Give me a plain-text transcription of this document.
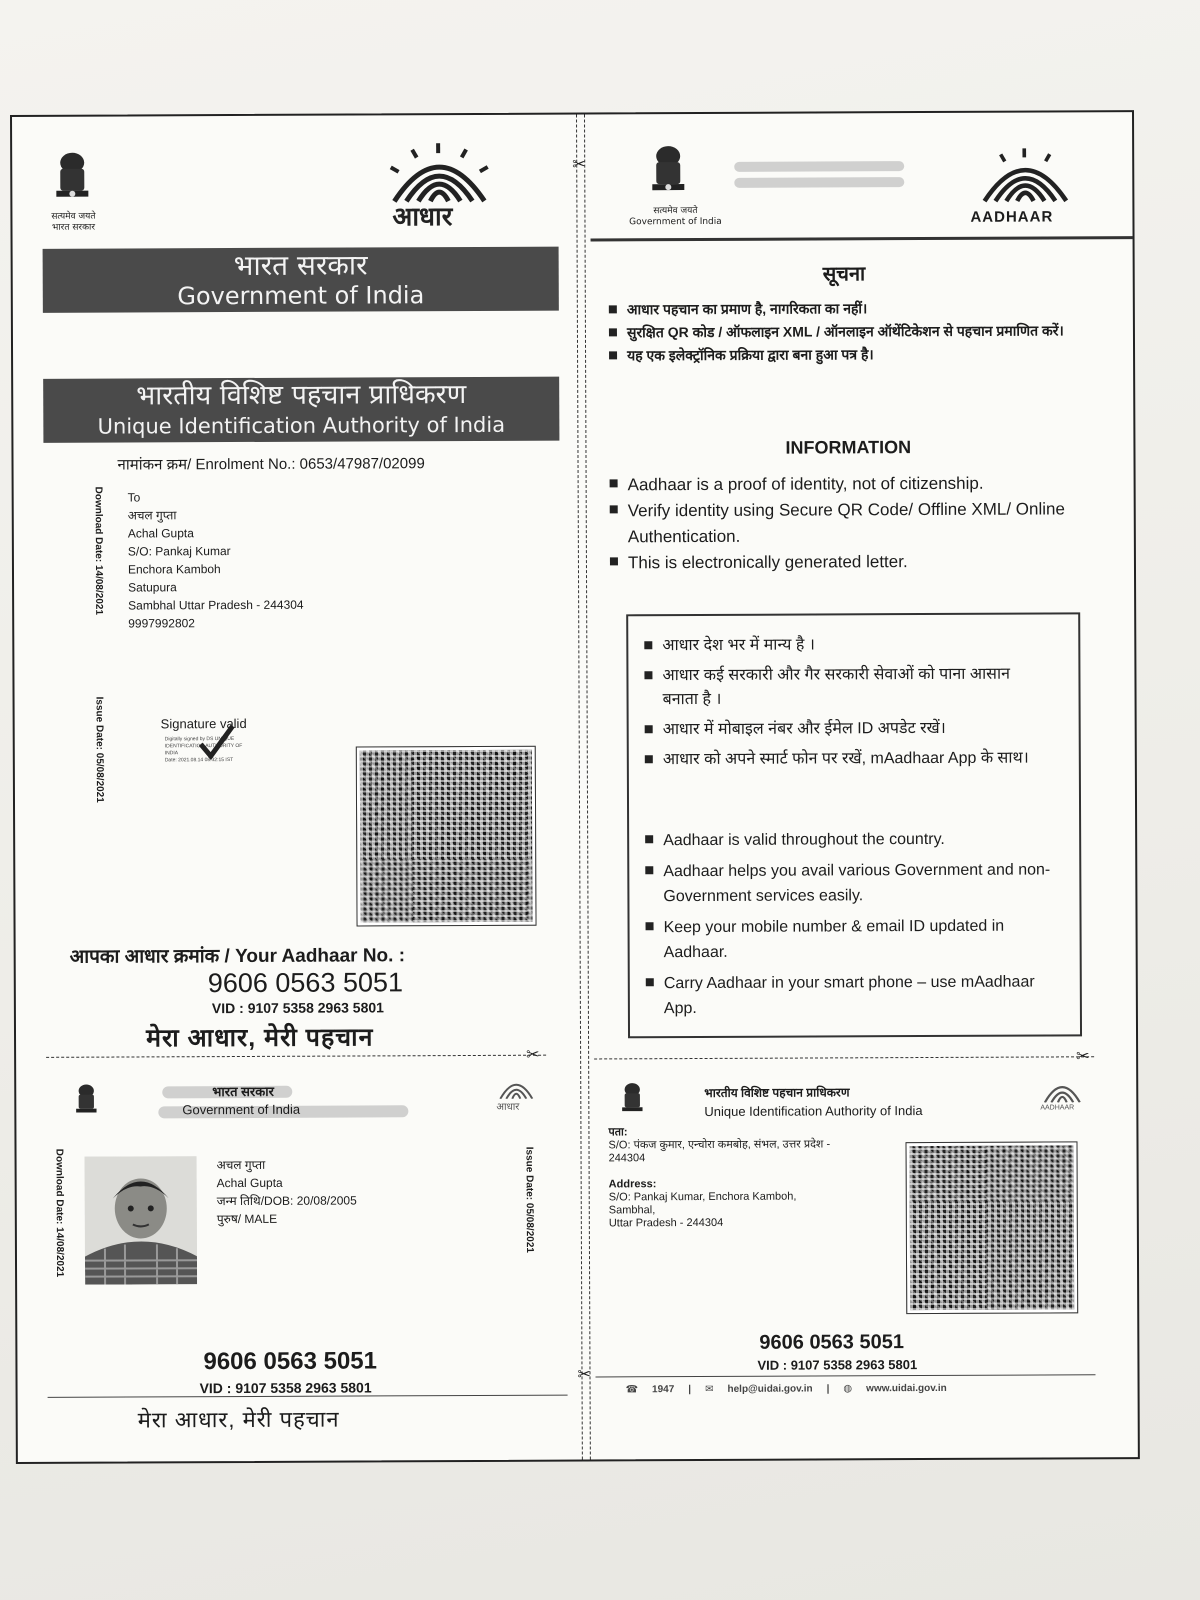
सत्यमेव जयते
भारत सरकार	आधार
भारत सरकार
Government of India
भारतीय विशिष्ट पहचान प्राधिकरण
Unique Identification Authority of India
नामांकन क्रम/ Enrolment No.: 0653/47987/02099
Download Date: 14/08/2021
Issue Date: 05/08/2021
To
अचल गुप्ता
Achal Gupta
S/O: Pankaj Kumar
Enchora Kamboh
Satupura
Sambhal Uttar Pradesh - 244304
9997992802
Signature valid
Digitally signed by DS UNIQUE IDENTIFICATION AUTHORITY OF INDIA
Date: 2021.08.14 08:32:15 IST
आपका आधार क्रमांक / Your Aadhaar No. :
9606 0563 5051
VID : 9107 5358 2963 5801
मेरा आधार, मेरी पहचान
✂
भारत सरकार
Government of India	आधार
Download Date: 14/08/2021	Issue Date: 05/08/2021
अचल गुप्ता
Achal Gupta
जन्म तिथि/DOB: 20/08/2005
पुरुष/ MALE
9606 0563 5051
VID : 9107 5358 2963 5801
मेरा आधार, मेरी पहचान
✂
✂
सत्यमेव जयते
Government of India	AADHAAR
सूचना
आधार पहचान का प्रमाण है, नागरिकता का नहीं।
सुरक्षित QR कोड / ऑफलाइन XML / ऑनलाइन ऑथेंटिकेशन से पहचान प्रमाणित करें।
यह एक इलेक्ट्रॉनिक प्रक्रिया द्वारा बना हुआ पत्र है।
INFORMATION
Aadhaar is a proof of identity, not of citizenship.
Verify identity using Secure QR Code/ Offline XML/ Online Authentication.
This is electronically generated letter.
आधार देश भर में मान्य है ।
आधार कई सरकारी और गैर सरकारी सेवाओं को पाना आसान बनाता है ।
आधार में मोबाइल नंबर और ईमेल ID अपडेट रखें।
आधार को अपने स्मार्ट फोन पर रखें, mAadhaar App के साथ।
Aadhaar is valid throughout the country.
Aadhaar helps you avail various Government and non-Government services easily.
Keep your mobile number & email ID updated in Aadhaar.
Carry Aadhaar in your smart phone – use mAadhaar App.
✂
भारतीय विशिष्ट पहचान प्राधिकरण
Unique Identification Authority of India	AADHAAR
पता:
S/O: पंकज कुमार, एन्चोरा कमबोह, संभल, उत्तर प्रदेश - 244304
Address:
S/O: Pankaj Kumar, Enchora Kamboh,
Sambhal,
Uttar Pradesh - 244304
9606 0563 5051
VID : 9107 5358 2963 5801
☎ 1947 | ✉ help@uidai.gov.in | ◍ www.uidai.gov.in
